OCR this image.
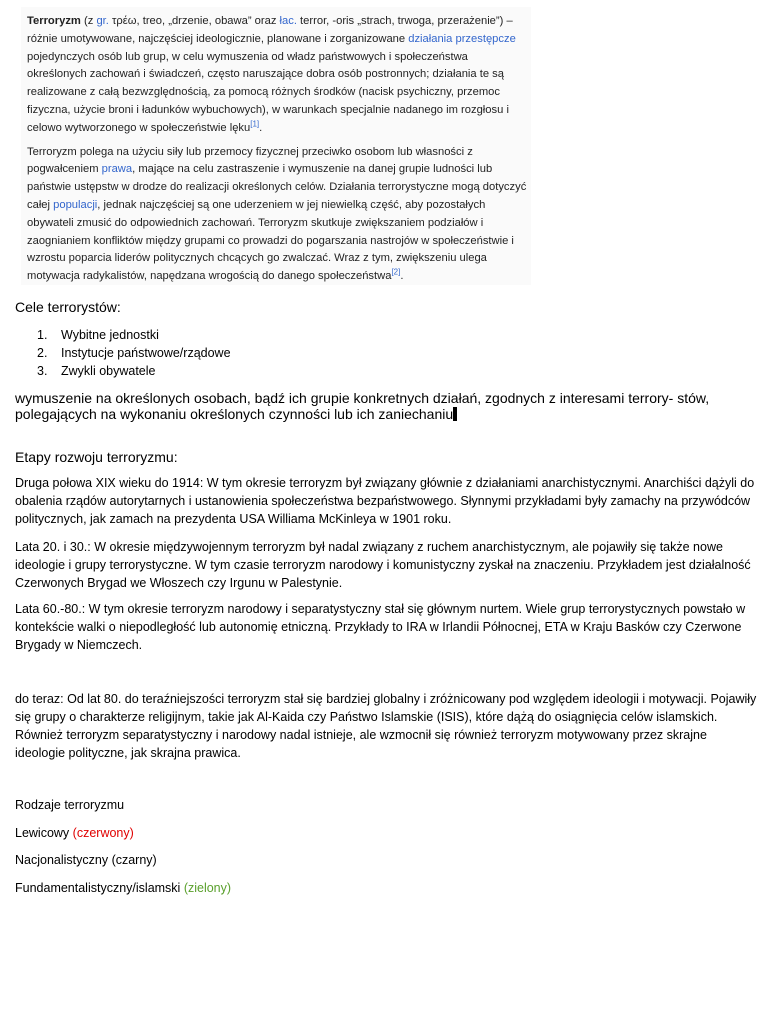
Terroryzm (z gr. τρέω, treo, „drzenie, obawa” oraz łac. terror, -oris „strach, trwoga, przerażenie”) – różnie umotywowane, najczęściej ideologicznie, planowane i zorganizowane działania przestępcze pojedynczych osób lub grup, w celu wymuszenia od władz państwowych i społeczeństwa określonych zachowań i świadczeń, często naruszające dobra osób postronnych; działania te są realizowane z całą bezwzględnością, za pomocą różnych środków (nacisk psychiczny, przemoc fizyczna, użycie broni i ładunków wybuchowych), w warunkach specjalnie nadanego im rozgłosu i celowo wytworzonego w społeczeństwie lęku[1].

Terroryzm polega na użyciu siły lub przemocy fizycznej przeciwko osobom lub własności z pogwałceniem prawa, mające na celu zastraszenie i wymuszenie na danej grupie ludności lub państwie ustępstw w drodze do realizacji określonych celów. Działania terrorystyczne mogą dotyczyć całej populacji, jednak najczęściej są one uderzeniem w jej niewielką część, aby pozostałych obywateli zmusić do odpowiednich zachowań. Terroryzm skutkuje zwiększaniem podziałów i zaognianiem konfliktów między grupami co prowadzi do pogarszania nastrojów w społeczeństwie i wzrostu poparcia liderów politycznych chcących go zwalczać. Wraz z tym, zwiększeniu ulega motywacja radykalistów, napędzana wrogością do danego społeczeństwa[2].

Cele terrorystów:
1.	Wybitne jednostki
2.	Instytucje państwowe/rządowe
3.	Zwykli obywatele
wymuszenie na określonych osobach, bądź ich grupie konkretnych działań, zgodnych z interesami terrory- stów, polegających na wykonaniu określonych czynności lub ich zaniechaniu
Etapy rozwoju terroryzmu:

Druga połowa XIX wieku do 1914: W tym okresie terroryzm był związany głównie z działaniami anarchistycznymi. Anarchiści dążyli do obalenia rządów autorytarnych i ustanowienia społeczeństwa bezpaństwowego. Słynnymi przykładami były zamachy na przywódców politycznych, jak zamach na prezydenta USA Williama McKinleya w 1901 roku.

Lata 20. i 30.: W okresie międzywojennym terroryzm był nadal związany z ruchem anarchistycznym, ale pojawiły się także nowe ideologie i grupy terrorystyczne. W tym czasie terroryzm narodowy i komunistyczny zyskał na znaczeniu. Przykładem jest działalność Czerwonych Brygad we Włoszech czy Irgunu w Palestynie.

Lata 60.-80.: W tym okresie terroryzm narodowy i separatystyczny stał się głównym nurtem. Wiele grup terrorystycznych powstało w kontekście walki o niepodległość lub autonomię etniczną. Przykłady to IRA w Irlandii Północnej, ETA w Kraju Basków czy Czerwone Brygady w Niemczech.

do teraz: Od lat 80. do teraźniejszości terroryzm stał się bardziej globalny i zróżnicowany pod względem ideologii i motywacji. Pojawiły się grupy o charakterze religijnym, takie jak Al-Kaida czy Państwo Islamskie (ISIS), które dążą do osiągnięcia celów islamskich. Również terroryzm separatystyczny i narodowy nadal istnieje, ale wzmocnił się również terroryzm motywowany przez skrajne ideologie polityczne, jak skrajna prawica.

Rodzaje terroryzmu

Lewicowy (czerwony)

Nacjonalistyczny (czarny)

Fundamentalistyczny/islamski (zielony)
